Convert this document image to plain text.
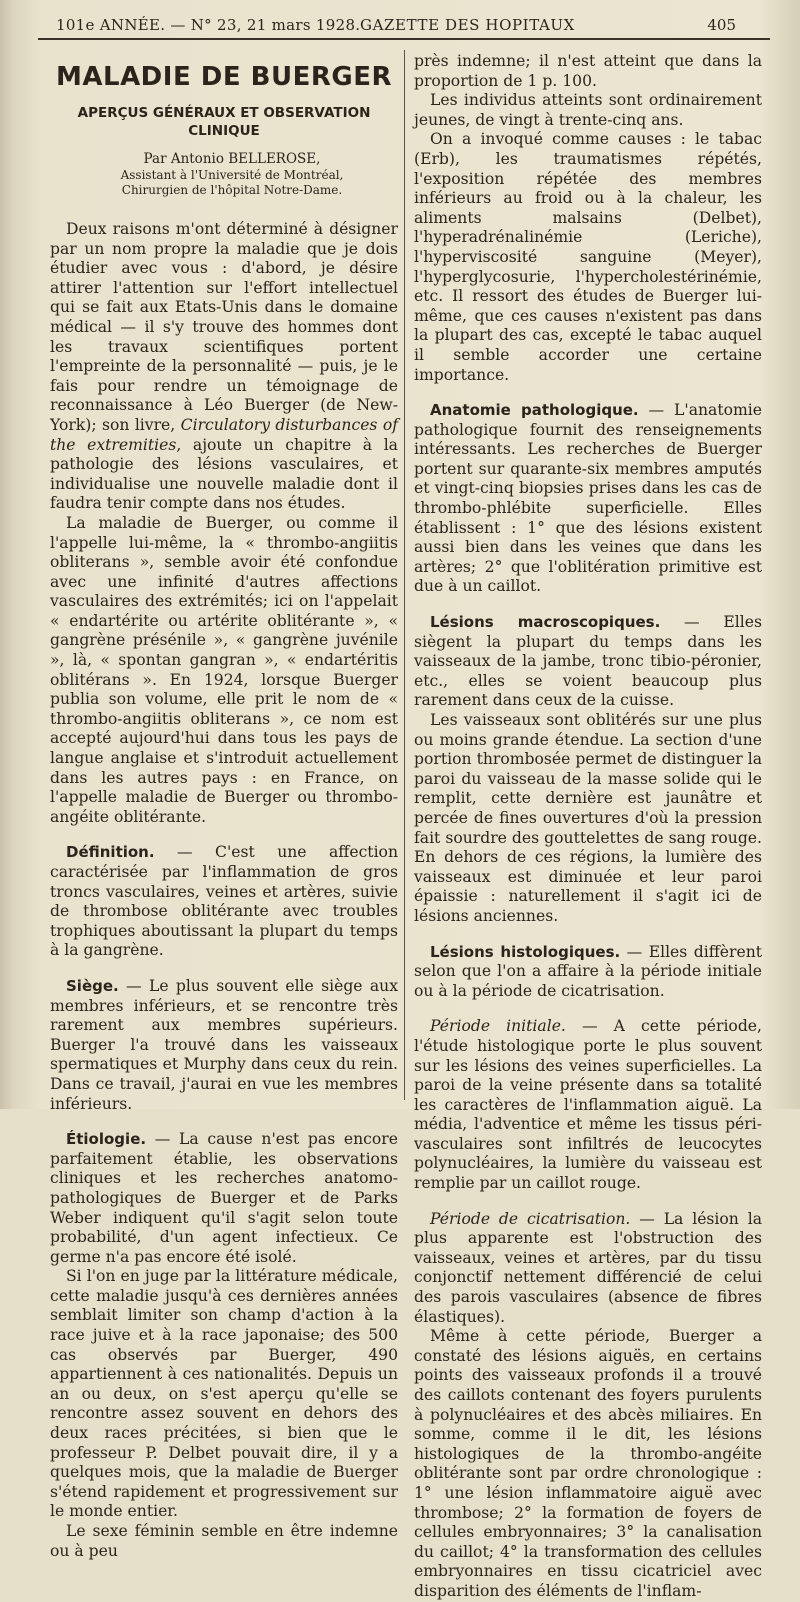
101e ANNÉE. — N° 23, 21 mars 1928. GAZETTE DES HOPITAUX	405
MALADIE DE BUERGER
APERÇUS GÉNÉRAUX ET OBSERVATION CLINIQUE

Par Antonio BELLEROSE,

Assistant à l'Université de Montréal,

Chirurgien de l'hôpital Notre-Dame.

Deux raisons m'ont déterminé à désigner par un nom propre la maladie que je dois étudier avec vous : d'abord, je désire attirer l'attention sur l'effort intellectuel qui se fait aux Etats-Unis dans le domaine médical — il s'y trouve des hommes dont les travaux scientifiques portent l'empreinte de la personnalité — puis, je le fais pour rendre un témoignage de reconnaissance à Léo Buerger (de New-York); son livre, Circulatory disturbances of the extremities, ajoute un chapitre à la pathologie des lésions vasculaires, et individualise une nouvelle maladie dont il faudra tenir compte dans nos études.

La maladie de Buerger, ou comme il l'appelle lui-même, la « thrombo-angiitis obliterans », semble avoir été confondue avec une infinité d'autres affections vasculaires des extrémités; ici on l'appelait « endartérite ou artérite oblitérante », « gangrène présénile », « gangrène juvénile », là, « spontan gangran », « endartéritis oblitérans ». En 1924, lorsque Buerger publia son volume, elle prit le nom de « thrombo-angiitis obliterans », ce nom est accepté aujourd'hui dans tous les pays de langue anglaise et s'introduit actuellement dans les autres pays : en France, on l'appelle maladie de Buerger ou thrombo-angéite oblitérante.

Définition. — C'est une affection caractérisée par l'inflammation de gros troncs vasculaires, veines et artères, suivie de thrombose oblitérante avec troubles trophiques aboutissant la plupart du temps à la gangrène.

Siège. — Le plus souvent elle siège aux membres inférieurs, et se rencontre très rarement aux membres supérieurs. Buerger l'a trouvé dans les vaisseaux spermatiques et Murphy dans ceux du rein. Dans ce travail, j'aurai en vue les membres inférieurs.

Étiologie. — La cause n'est pas encore parfaitement établie, les observations cliniques et les recherches anatomo-pathologiques de Buerger et de Parks Weber indiquent qu'il s'agit selon toute probabilité, d'un agent infectieux. Ce germe n'a pas encore été isolé.

Si l'on en juge par la littérature médicale, cette maladie jusqu'à ces dernières années semblait limiter son champ d'action à la race juive et à la race japonaise; des 500 cas observés par Buerger, 490 appartiennent à ces nationalités. Depuis un an ou deux, on s'est aperçu qu'elle se rencontre assez souvent en dehors des deux races précitées, si bien que le professeur P. Delbet pouvait dire, il y a quelques mois, que la maladie de Buerger s'étend rapidement et progressivement sur le monde entier.

Le sexe féminin semble en être indemne ou à peu

près indemne; il n'est atteint que dans la proportion de 1 p. 100.

Les individus atteints sont ordinairement jeunes, de vingt à trente-cinq ans.

On a invoqué comme causes : le tabac (Erb), les traumatismes répétés, l'exposition répétée des membres inférieurs au froid ou à la chaleur, les aliments malsains (Delbet), l'hyperadrénalinémie (Leriche), l'hyperviscosité sanguine (Meyer), l'hyperglycosurie, l'hypercholestérinémie, etc. Il ressort des études de Buerger lui-même, que ces causes n'existent pas dans la plupart des cas, excepté le tabac auquel il semble accorder une certaine importance.

Anatomie pathologique. — L'anatomie pathologique fournit des renseignements intéressants. Les recherches de Buerger portent sur quarante-six membres amputés et vingt-cinq biopsies prises dans les cas de thrombo-phlébite superficielle. Elles établissent : 1° que des lésions existent aussi bien dans les veines que dans les artères; 2° que l'oblitération primitive est due à un caillot.

Lésions macroscopiques. — Elles siègent la plupart du temps dans les vaisseaux de la jambe, tronc tibio-péronier, etc., elles se voient beaucoup plus rarement dans ceux de la cuisse.

Les vaisseaux sont oblitérés sur une plus ou moins grande étendue. La section d'une portion thrombosée permet de distinguer la paroi du vaisseau de la masse solide qui le remplit, cette dernière est jaunâtre et percée de fines ouvertures d'où la pression fait sourdre des gouttelettes de sang rouge. En dehors de ces régions, la lumière des vaisseaux est diminuée et leur paroi épaissie : naturellement il s'agit ici de lésions anciennes.

Lésions histologiques. — Elles diffèrent selon que l'on a affaire à la période initiale ou à la période de cicatrisation.

Période initiale. — A cette période, l'étude histologique porte le plus souvent sur les lésions des veines superficielles. La paroi de la veine présente dans sa totalité les caractères de l'inflammation aiguë. La média, l'adventice et même les tissus péri-vasculaires sont infiltrés de leucocytes polynucléaires, la lumière du vaisseau est remplie par un caillot rouge.

Période de cicatrisation. — La lésion la plus apparente est l'obstruction des vaisseaux, veines et artères, par du tissu conjonctif nettement différencié de celui des parois vasculaires (absence de fibres élastiques).

Même à cette période, Buerger a constaté des lésions aiguës, en certains points des vaisseaux profonds il a trouvé des caillots contenant des foyers purulents à polynucléaires et des abcès miliaires. En somme, comme il le dit, les lésions histologiques de la thrombo-angéite oblitérante sont par ordre chronologique : 1° une lésion inflammatoire aiguë avec thrombose; 2° la formation de foyers de cellules embryonnaires; 3° la canalisation du caillot; 4° la transformation des cellules embryonnaires en tissu cicatriciel avec disparition des éléments de l'inflam-
